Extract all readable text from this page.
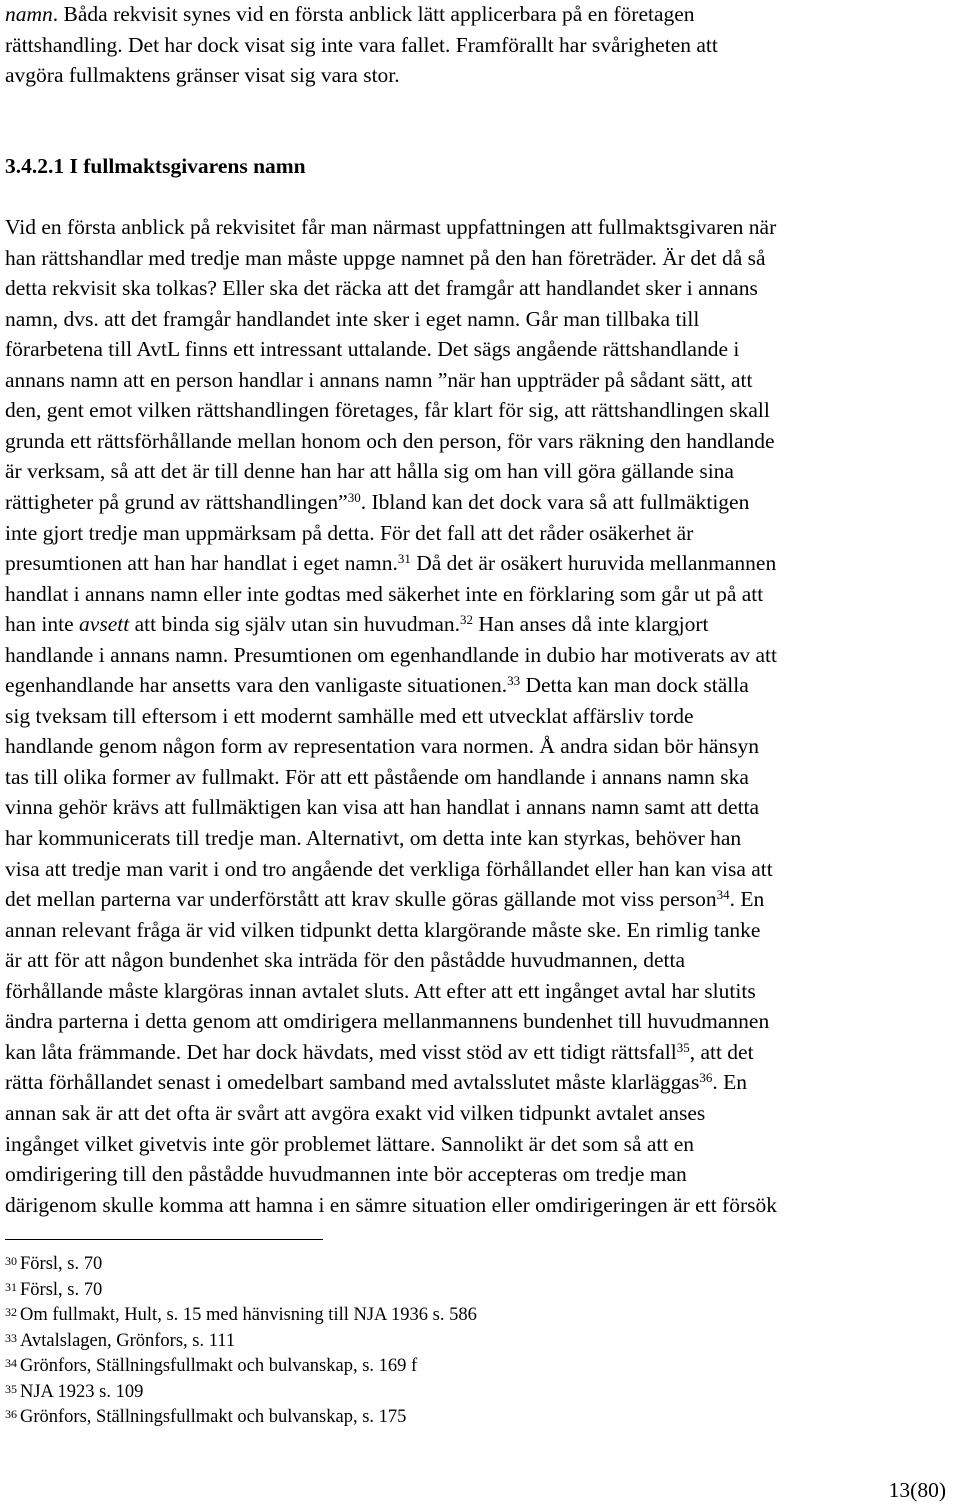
namn. Båda rekvisit synes vid en första anblick lätt applicerbara på en företagen
rättshandling. Det har dock visat sig inte vara fallet. Framförallt har svårigheten att
avgöra fullmaktens gränser visat sig vara stor.
3.4.2.1 I fullmaktsgivarens namn
Vid en första anblick på rekvisitet får man närmast uppfattningen att fullmaktsgivaren när
han rättshandlar med tredje man måste uppge namnet på den han företräder. Är det då så
detta rekvisit ska tolkas? Eller ska det räcka att det framgår att handlandet sker i annans
namn, dvs. att det framgår handlandet inte sker i eget namn. Går man tillbaka till
förarbetena till AvtL finns ett intressant uttalande. Det sägs angående rättshandlande i
annans namn att en person handlar i annans namn ”när han uppträder på sådant sätt, att
den, gent emot vilken rättshandlingen företages, får klart för sig, att rättshandlingen skall
grunda ett rättsförhållande mellan honom och den person, för vars räkning den handlande
är verksam, så att det är till denne han har att hålla sig om han vill göra gällande sina
rättigheter på grund av rättshandlingen”$^{30}$. Ibland kan det dock vara så att fullmäktigen
inte gjort tredje man uppmärksam på detta. För det fall att det råder osäkerhet är
presumtionen att han har handlat i eget namn.$^{31}$ Då det är osäkert huruvida mellanmannen
handlat i annans namn eller inte godtas med säkerhet inte en förklaring som går ut på att
han inte avsett att binda sig själv utan sin huvudman.$^{32}$ Han anses då inte klargjort
handlande i annans namn. Presumtionen om egenhandlande in dubio har motiverats av att
egenhandlande har ansetts vara den vanligaste situationen.$^{33}$ Detta kan man dock ställa
sig tveksam till eftersom i ett modernt samhälle med ett utvecklat affärsliv torde
handlande genom någon form av representation vara normen. Å andra sidan bör hänsyn
tas till olika former av fullmakt. För att ett påstående om handlande i annans namn ska
vinna gehör krävs att fullmäktigen kan visa att han handlat i annans namn samt att detta
har kommunicerats till tredje man. Alternativt, om detta inte kan styrkas, behöver han
visa att tredje man varit i ond tro angående det verkliga förhållandet eller han kan visa att
det mellan parterna var underförstått att krav skulle göras gällande mot viss person$^{34}$. En
annan relevant fråga är vid vilken tidpunkt detta klargörande måste ske. En rimlig tanke
är att för att någon bundenhet ska inträda för den påstådde huvudmannen, detta
förhållande måste klargöras innan avtalet sluts. Att efter att ett ingånget avtal har slutits
ändra parterna i detta genom att omdirigera mellanmannens bundenhet till huvudmannen
kan låta främmande. Det har dock hävdats, med visst stöd av ett tidigt rättsfall$^{35}$, att det
rätta förhållandet senast i omedelbart samband med avtalsslutet måste klarläggas$^{36}$. En
annan sak är att det ofta är svårt att avgöra exakt vid vilken tidpunkt avtalet anses
ingånget vilket givetvis inte gör problemet lättare. Sannolikt är det som så att en
omdirigering till den påstådde huvudmannen inte bör accepteras om tredje man
därigenom skulle komma att hamna i en sämre situation eller omdirigeringen är ett försök
$^{30}$ Försl, s. 70
$^{31}$ Försl, s. 70
$^{32}$ Om fullmakt, Hult, s. 15 med hänvisning till NJA 1936 s. 586
$^{33}$ Avtalslagen, Grönfors, s. 111
$^{34}$ Grönfors, Ställningsfullmakt och bulvanskap, s. 169 f
$^{35}$ NJA 1923 s. 109
$^{36}$ Grönfors, Ställningsfullmakt och bulvanskap, s. 175
13(80)
